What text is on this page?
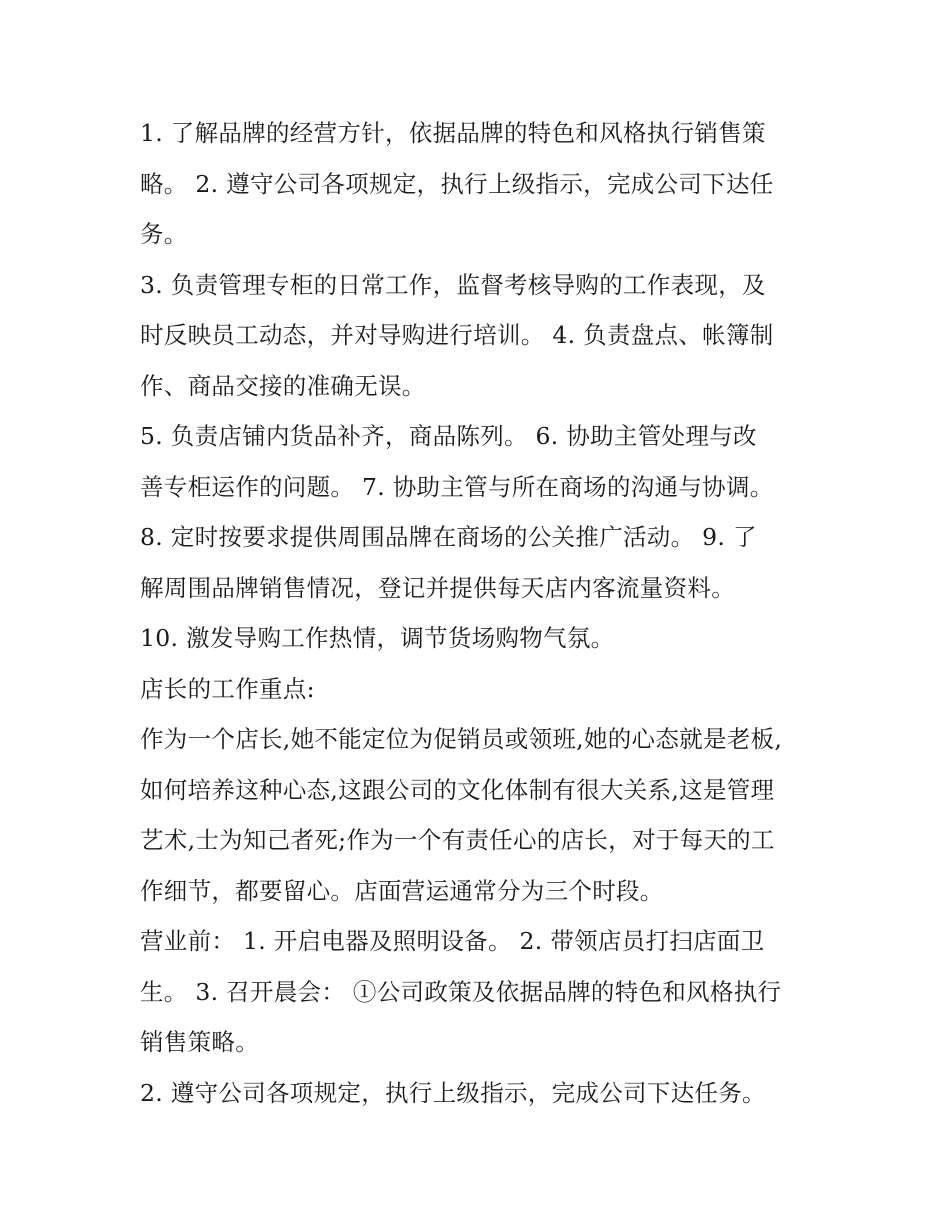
1. 了解品牌的经营方针，依据品牌的特色和风格执行销售策
略。 2. 遵守公司各项规定，执行上级指示，完成公司下达任
务。
3. 负责管理专柜的日常工作，监督考核导购的工作表现，及
时反映员工动态，并对导购进行培训。 4. 负责盘点、帐簿制
作、商品交接的准确无误。
5. 负责店铺内货品补齐，商品陈列。 6. 协助主管处理与改
善专柜运作的问题。 7. 协助主管与所在商场的沟通与协调。
8. 定时按要求提供周围品牌在商场的公关推广活动。 9. 了
解周围品牌销售情况，登记并提供每天店内客流量资料。
10. 激发导购工作热情，调节货场购物气氛。
店长的工作重点:
作为一个店长,她不能定位为促销员或领班,她的心态就是老板,
如何培养这种心态,这跟公司的文化体制有很大关系,这是管理
艺术,士为知己者死;作为一个有责任心的店长，对于每天的工
作细节，都要留心。店面营运通常分为三个时段。
营业前： 1. 开启电器及照明设备。 2. 带领店员打扫店面卫
生。 3. 召开晨会： ①公司政策及依据品牌的特色和风格执行
销售策略。
2. 遵守公司各项规定，执行上级指示，完成公司下达任务。
